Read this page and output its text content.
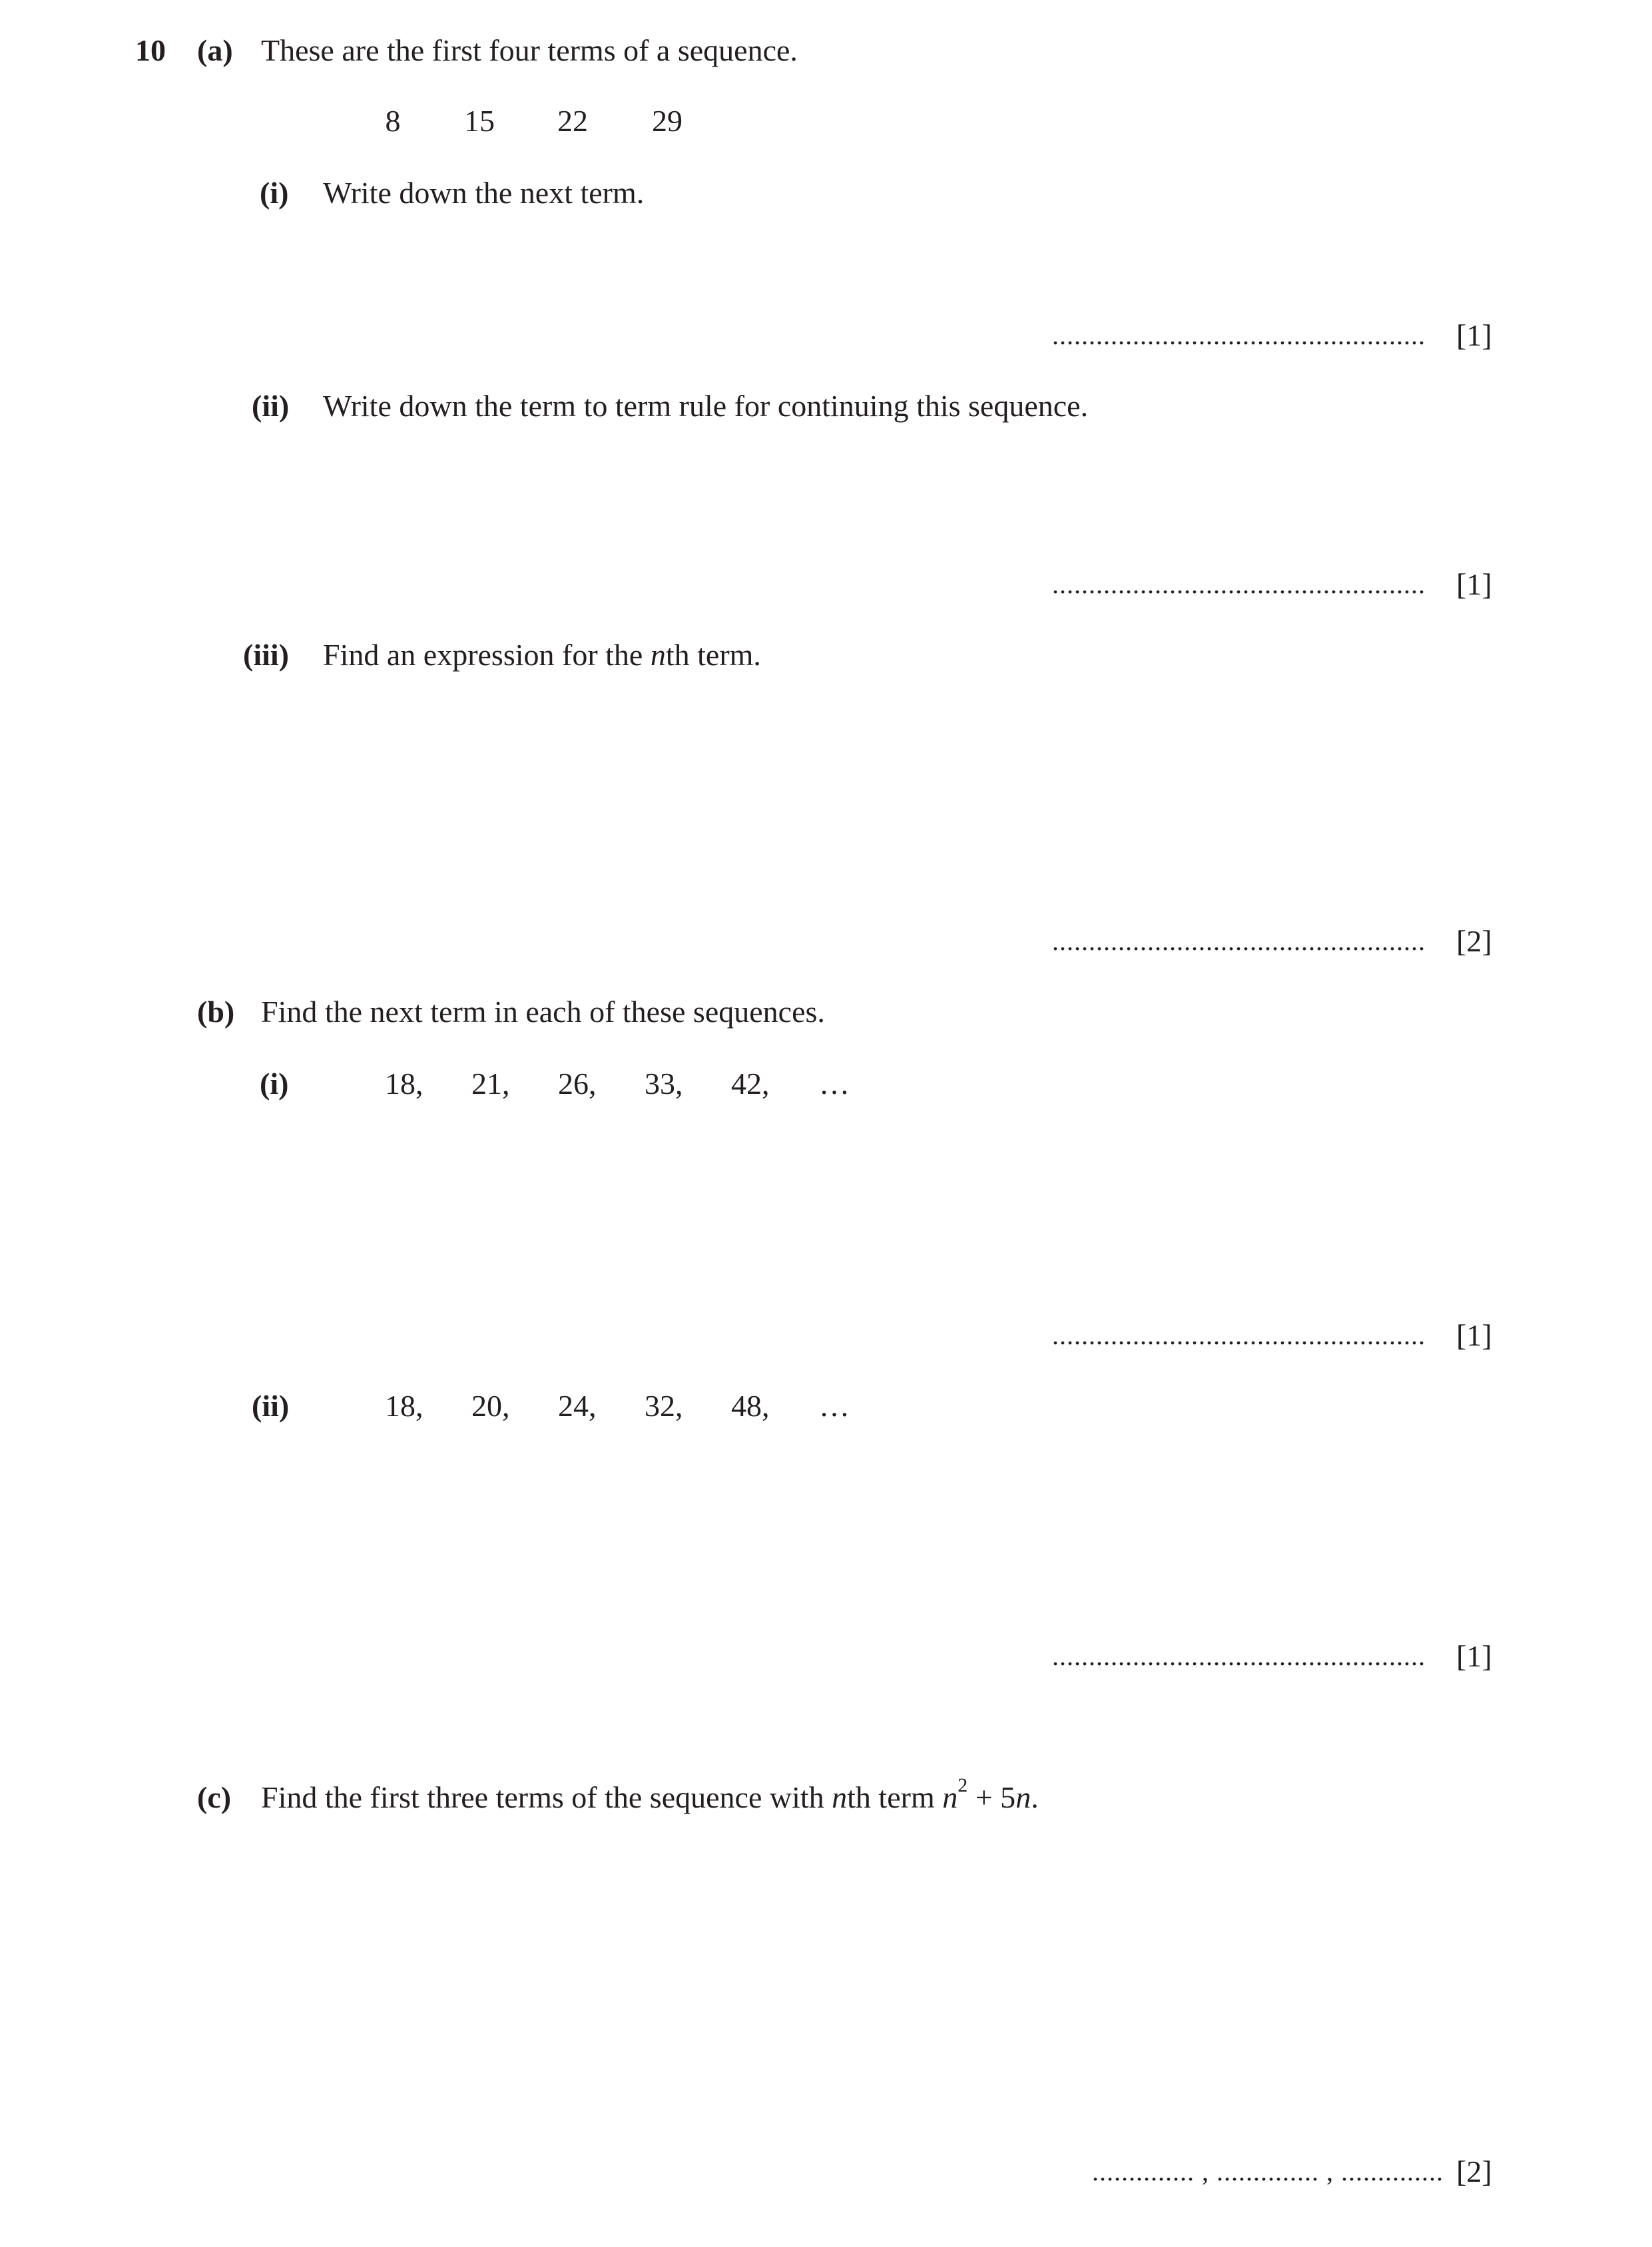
10 (a) These are the first four terms of a sequence.
8	15	22	29
(i) Write down the next term.
................................................... [1]
(ii) Write down the term to term rule for continuing this sequence.
................................................... [1]
(iii) Find an expression for the nth term.
................................................... [2]
(b) Find the next term in each of these sequences.
(i)	18, 21, 26, 33, 42, …
................................................... [1]
(ii)	18, 20, 24, 32, 48, …
................................................... [1]
(c) Find the first three terms of the sequence with nth term $n^2 + 5n$.
.............. , .............. , .............. [2]
